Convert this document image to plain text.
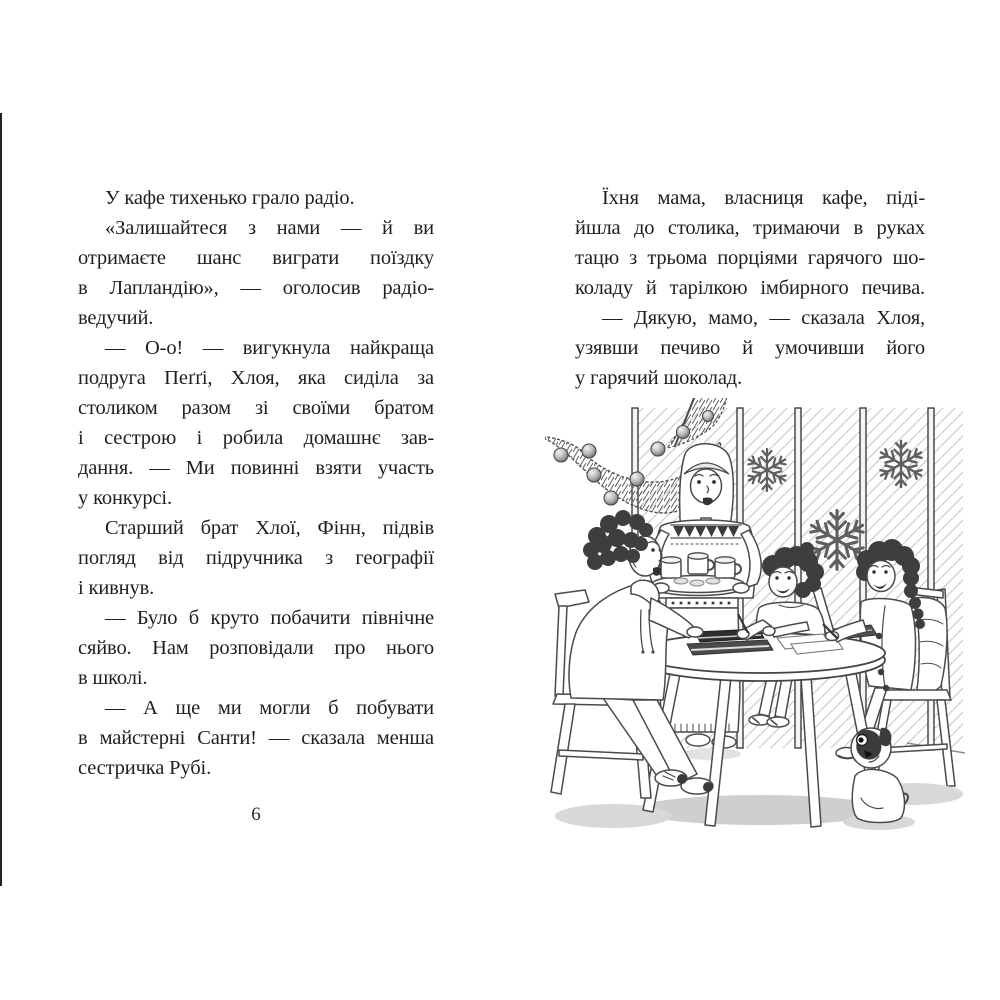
У кафе тихенько грало радіо.
«Залишайтеся з нами — й ви
отримаєте шанс виграти поїздку
в Лапландію», — оголосив радіо-
ведучий.
— О-о! — вигукнула найкраща
подруга Пеґґі, Хлоя, яка сиділа за
столиком разом зі своїми братом
і сестрою і робила домашнє зав-
дання. — Ми повинні взяти участь
у конкурсі.
Старший брат Хлої, Фінн, підвів
погляд від підручника з географії
і кивнув.
— Було б круто побачити північне
сяйво. Нам розповідали про нього
в школі.
— А ще ми могли б побувати
в майстерні Санти! — сказала менша
сестричка Рубі.
6
Їхня мама, власниця кафе, піді-
йшла до столика, тримаючи в руках
тацю з трьома порціями гарячого шо-
коладу й тарілкою імбирного печива.
— Дякую, мамо, — сказала Хлоя,
узявши печиво й умочивши його
у гарячий шоколад.
